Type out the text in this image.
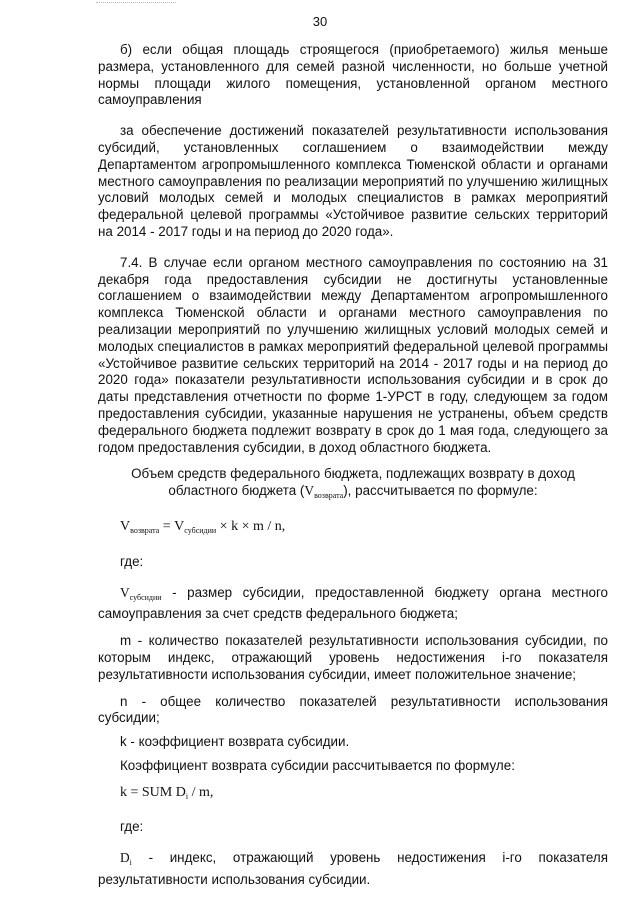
30

б) если общая площадь строящегося (приобретаемого) жилья меньше размера, установленного для семей разной численности, но больше учетной нормы площади жилого помещения, установленной органом местного самоуправления

за обеспечение достижений показателей результативности использования субсидий, установленных соглашением о взаимодействии между Департаментом агропромышленного комплекса Тюменской области и органами местного самоуправления по реализации мероприятий по улучшению жилищных условий молодых семей и молодых специалистов в рамках мероприятий федеральной целевой программы «Устойчивое развитие сельских территорий на 2014 - 2017 годы и на период до 2020 года».

7.4. В случае если органом местного самоуправления по состоянию на 31 декабря года предоставления субсидии не достигнуты установленные соглашением о взаимодействии между Департаментом агропромышленного комплекса Тюменской области и органами местного самоуправления по реализации мероприятий по улучшению жилищных условий молодых семей и молодых специалистов в рамках мероприятий федеральной целевой программы «Устойчивое развитие сельских территорий на 2014 - 2017 годы и на период до 2020 года» показатели результативности использования субсидии и в срок до даты представления отчетности по форме 1-УРСТ в году, следующем за годом предоставления субсидии, указанные нарушения не устранены, объем средств федерального бюджета подлежит возврату в срок до 1 мая года, следующего за годом предоставления субсидии, в доход областного бюджета.

Объем средств федерального бюджета, подлежащих возврату в доход областного бюджета $(V_{возврата})$, рассчитывается по формуле:

$V_{возврата} = V_{субсидии} \times k \times m / n$,

где:

$V_{субсидии}$ - размер субсидии, предоставленной бюджету органа местного самоуправления за счет средств федерального бюджета;

m - количество показателей результативности использования субсидии, по которым индекс, отражающий уровень недостижения i-го показателя результативности использования субсидии, имеет положительное значение;

n - общее количество показателей результативности использования субсидии;

k - коэффициент возврата субсидии.

Коэффициент возврата субсидии рассчитывается по формуле:

k = SUM $D_i$ / m,

где:

$D_i$ - индекс, отражающий уровень недостижения i-го показателя результативности использования субсидии.
